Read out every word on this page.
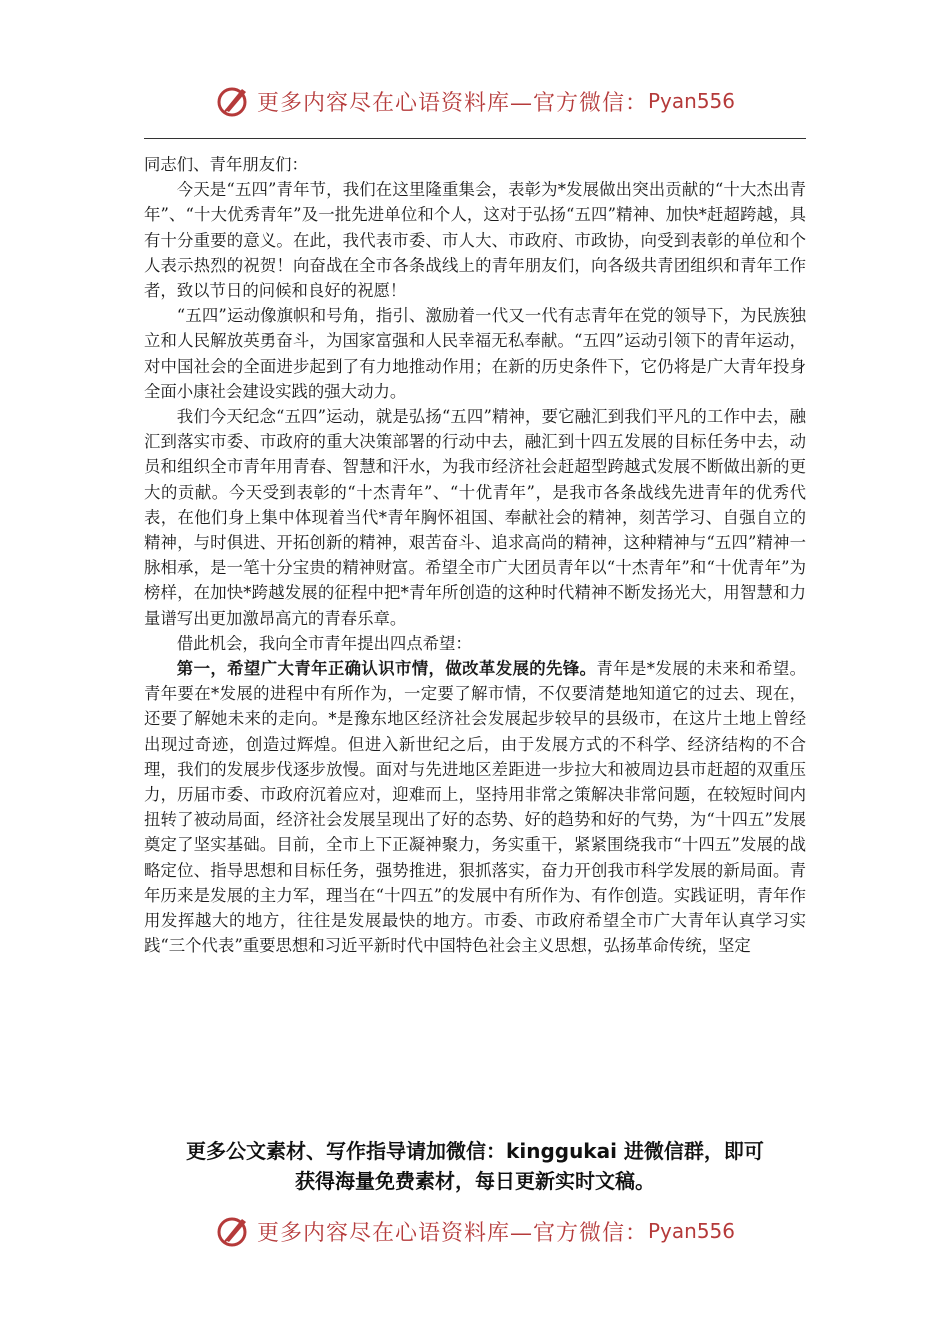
更多内容尽在心语资料库—官方微信： Pyan556

同志们、青年朋友们：

今天是“五四”青年节，我们在这里隆重集会，表彰为*发展做出突出贡献的“十大杰出青年”、“十大优秀青年”及一批先进单位和个人，这对于弘扬“五四”精神、加快*赶超跨越，具有十分重要的意义。在此，我代表市委、市人大、市政府、市政协，向受到表彰的单位和个人表示热烈的祝贺！向奋战在全市各条战线上的青年朋友们，向各级共青团组织和青年工作者，致以节日的问候和良好的祝愿！

“五四”运动像旗帜和号角，指引、激励着一代又一代有志青年在党的领导下，为民族独立和人民解放英勇奋斗，为国家富强和人民幸福无私奉献。“五四”运动引领下的青年运动，对中国社会的全面进步起到了有力地推动作用；在新的历史条件下，它仍将是广大青年投身全面小康社会建设实践的强大动力。

我们今天纪念“五四”运动，就是弘扬“五四”精神，要它融汇到我们平凡的工作中去，融汇到落实市委、市政府的重大决策部署的行动中去，融汇到十四五发展的目标任务中去，动员和组织全市青年用青春、智慧和汗水，为我市经济社会赶超型跨越式发展不断做出新的更大的贡献。今天受到表彰的“十杰青年”、“十优青年”，是我市各条战线先进青年的优秀代表，在他们身上集中体现着当代*青年胸怀祖国、奉献社会的精神，刻苦学习、自强自立的精神，与时俱进、开拓创新的精神，艰苦奋斗、追求高尚的精神，这种精神与“五四”精神一脉相承，是一笔十分宝贵的精神财富。希望全市广大团员青年以“十杰青年”和“十优青年”为榜样，在加快*跨越发展的征程中把*青年所创造的这种时代精神不断发扬光大，用智慧和力量谱写出更加激昂高亢的青春乐章。

借此机会，我向全市青年提出四点希望：

第一，希望广大青年正确认识市情，做改革发展的先锋。青年是*发展的未来和希望。青年要在*发展的进程中有所作为，一定要了解市情，不仅要清楚地知道它的过去、现在，还要了解她未来的走向。*是豫东地区经济社会发展起步较早的县级市，在这片土地上曾经出现过奇迹，创造过辉煌。但进入新世纪之后，由于发展方式的不科学、经济结构的不合理，我们的发展步伐逐步放慢。面对与先进地区差距进一步拉大和被周边县市赶超的双重压力，历届市委、市政府沉着应对，迎难而上，坚持用非常之策解决非常问题，在较短时间内扭转了被动局面，经济社会发展呈现出了好的态势、好的趋势和好的气势，为“十四五”发展奠定了坚实基础。目前，全市上下正凝神聚力，务实重干，紧紧围绕我市“十四五”发展的战略定位、指导思想和目标任务，强势推进，狠抓落实，奋力开创我市科学发展的新局面。青年历来是发展的主力军，理当在“十四五”的发展中有所作为、有作创造。实践证明，青年作用发挥越大的地方，往往是发展最快的地方。市委、市政府希望全市广大青年认真学习实践“三个代表”重要思想和习近平新时代中国特色社会主义思想，弘扬革命传统，坚定

更多公文素材、写作指导请加微信：kinggukai 进微信群，即可
获得海量免费素材，每日更新实时文稿。
更多内容尽在心语资料库—官方微信： Pyan556
